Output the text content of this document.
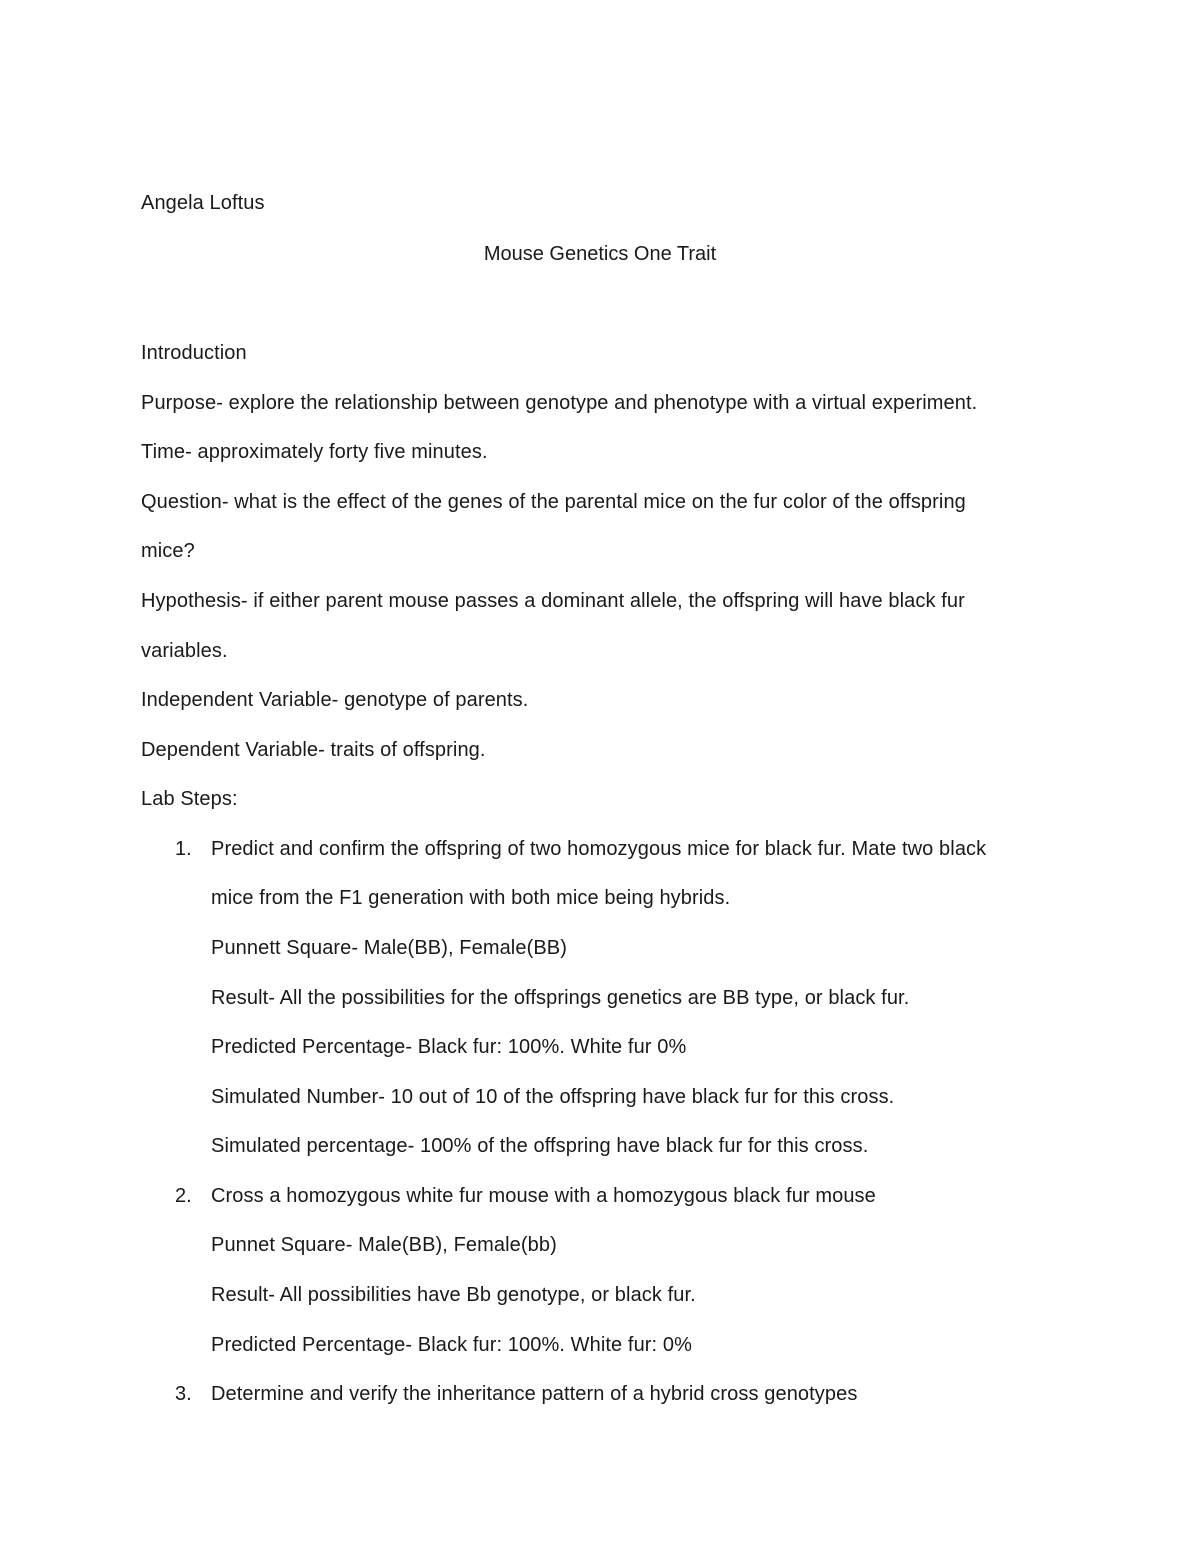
Angela Loftus
Mouse Genetics One Trait
Introduction
Purpose- explore the relationship between genotype and phenotype with a virtual experiment.
Time- approximately forty five minutes.
Question- what is the effect of the genes of the parental mice on the fur color of the offspring
mice?
Hypothesis- if either parent mouse passes a dominant allele, the offspring will have black fur
variables.
Independent Variable- genotype of parents.
Dependent Variable- traits of offspring.
Lab Steps:
1. Predict and confirm the offspring of two homozygous mice for black fur. Mate two black
mice from the F1 generation with both mice being hybrids.
Punnett Square- Male(BB), Female(BB)
Result- All the possibilities for the offsprings genetics are BB type, or black fur.
Predicted Percentage- Black fur: 100%. White fur 0%
Simulated Number- 10 out of 10 of the offspring have black fur for this cross.
Simulated percentage- 100% of the offspring have black fur for this cross.
2. Cross a homozygous white fur mouse with a homozygous black fur mouse
Punnet Square- Male(BB), Female(bb)
Result- All possibilities have Bb genotype, or black fur.
Predicted Percentage- Black fur: 100%. White fur: 0%
3. Determine and verify the inheritance pattern of a hybrid cross genotypes
